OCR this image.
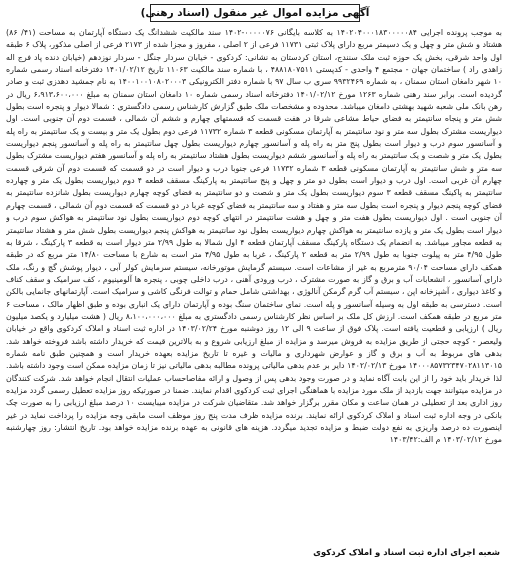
آگهی مزایده اموال غیر منقول (اسناد رهنی)
به موجب پرونده اجرایی ۱۴۰۲۰۴۰۰۰۱۸۳۰۰۰۰۰۸۴ به کلاسه بایگانی ۰۰۰۰۰۷۶-۱۴۰۲ سند مالکیت ششدانگ یک دستگاه آپارتمان به مساحت (۴۱/ ۸۶) هشتاد و شش متر و چهل و یک دسیمتر مربع دارای پلاک ثبتی ۱۱۷۳۱ فرعی از ۲ اصلی ، مفروز و مجزا شده از ۲۱۷۳ فرعی از اصلی مذکور، پلاک ۶ طبقه اول واحد شرقی، بخش یک حوزه ثبت ملک سنندج، استان کردستان به نشانی: کردکوی - خیابان سردار جنگل - سردار نوزدهم (خیابان دنده پاد فرج اله زاهدی راد ) ساختمان جهان - مجتمع ۴ واحدی - کدپستی ۴۸۸۱۸۰۷۵۱۱ ، با شماره سند مالکیت ۱۱۰۶۳ تاریخ ۱۴۰۱/۰۲/۱۲ دفترخانه اسناد رسمی شماره ۱۰ شهر دامغان استان سمنان ، به شماره ۹۹۳۲۴۶۹ سری ب سال ۹۷ با شماره دفتر الکترونیکی ۱۴۰۰۱۰۰۱۰۸۰۲۰۰۰۳ به نام جمشید دهدزی ثبت و صادر گردیده است. برابر سند رهنی شماره ۱۲۶۳ مورخ ۱۴۰۱/۰۲/۱۲ دفترخانه اسناد رسمی شماره ۱۰ دامغان استان سمنان به مبلغ ۶،۹۱۳،۶۰۰،۰۰۰ ریال در رهن بانک ملی شعبه شهید بهشتی دامغان میباشد. محدوده و مشخصات ملک طبق گزارش کارشناس رسمی دادگستری : شمالا دیوار و پنجره است بطول شش متر و پنجاه سانتیمتر به فضای حیاط مشاعی شرقا در هفت قسمت که قسمتهای چهارم و ششم آن شمالی ، قسمت دوم آن جنوبی است. اول دیواریست مشترک بطول سه متر و نود سانتیمتر به آپارتمان مسکونی قطعه ۳ شماره ۱۱۷۳۲ فرعی دوم بطول یک متر و بیست و یک سانتیمتر به راه پله و آسانسور سوم درب و دیوار است بطول پنج متر به راه پله و آسانسور چهارم دیواریست بطول چهل سانتیمتر به راه پله و آسانسور پنجم دیواریست بطول یک متر و شصت و یک سانتیمتر به راه پله و آسانسور ششم دیواریست بطول هشتاد سانتیمتر به راه پله و آسانسور هفتم دیواریست مشترک بطول سه متر و شش سانتیمتر به آپارتمان مسکونی قطعه ۳ شماره ۱۱۷۳۲ فرعی جنوبا درب و دیوار است در دو قسمت که قسمت دوم آن شرقی قسمت چهارم آن غربی است. اول درب و دیوار است بطول دو متر و چهل و پنج سانتیمتر به پارکینگ مسقف قطعه ۴ دوم دیواریست بطول یک متر و چهارده سانتیمتر به پاکینگ مسقف قطعه ۳ سوم دیواریست بطول یک متر و شصت و دو سانتیمتر به فضای کوچه چهارم دیواریست بطول شانزده سانتیمتر به فضای کوچه پنجم دیوار و پنجره است بطول سه متر و هفتاد و سه سانتیمتر به فضای کوچه غربا در دو قسمت که قسمت دوم آن شمالی ، قسمت چهارم آن جنوبی است . اول دیواریست بطول هفت متر و چهل و هشت سانتیمتر در انتهای کوچه دوم دیواریست بطول نود سانتیمتر به هواکش سوم درب و دیوار است بطول یک متر و یازده سانتیمتر به هواکش چهارم دیواریست بطول نود سانتیمتر به هواکش پنجم دیواریست بطول شش متر و هشتاد سانتیمتر به قطعه مجاور میباشد. به انضمام یک دستگاه پارکینگ مسقف آپارتمان قطعه ۴ اول شمالا به طول ۲/۹۹ متر دیوار است به قطعه ۳ پارکینگ ، شرقا به طول ۴/۹۵ متر به پیلوت جنوبا به طول ۲/۹۹ متر به قطعه ۲ پارکینگ ، غربا به طول ۴/۹۵ متر است به شارع با مساحت ۱۴/۸۰ متر مربع که در طبقه همکف دارای مساحت ۹۰/۰۴ مترمربع به غیر از مشاعات است. سیستم گرمایش موتورخانه، سیستم سرمایش کولر آبی ، دیوار پوشش گچ و رنگ، ملک دارای آسانسور ، انشعابات آب و برق و گاز به صورت مشترک ، درب ورودی آهنی ، درب داخلی چوبی ، پنجره ها آلومینیوم ، کف سرامیک و سقف کناف و کاغذ دیواری ، آشپزخانه اپن ، سیستم آب گرم گرمکن آنالوژی ، بهداشتی شامل حمام و توالت فرنگی کاشی و سرامیک است. آپارتمانهای جانمایی بالکن است. دسترسی به طبقه اول به وسیله آسانسور و پله است. نمای ساختمان سنگ بوده و آپارتمان دارای یک انباری بوده و طبق اظهار مالک ، مساحت ۶ متر مربع در طبقه همکف است. ارزش کل ملک بر اساس نظر کارشناس رسمی دادگستری به مبلغ ۸،۱۰۰،۰۰۰،۰۰۰ ریال ( هشت میلیارد و یکصد میلیون ریال ) ارزیابی و قطعیت یافته است. پلاک فوق از ساعت ۹ الی ۱۲ روز دوشنبه مورخ ۱۴۰۳/۰۲/۲۴ در اداره ثبت اسناد و املاک کردکوی واقع در خیابان ولیعصر - کوچه حجتی از طریق مزایده به فروش میرسد و مزایده از مبلغ ارزیابی شروع و به بالاترین قیمت که خریدار داشته باشد فروخته خواهد شد. بدهی های مربوط به آب و برق و گاز و عوارض شهرداری و مالیات و غیره تا تاریخ مزایده بعهده خریدار است و همچنین طبق نامه شماره ۱۴۰۰۰۸۵۷۳۲۳۴۷۰۲۸۱۱۳۰۱۵ مورخ ۱۴۰۲/۰۲/۱۳ دایر بر عدم بدهی مالیاتی پرونده مطالبه بدهی مالیاتی نیز تا زمان مزایده ممکن است وجود داشته باشد. لذا خریدار باید خود را از این بابت آگاه نماید و در صورت وجود بدهی پس از وصول و ارائه مفاصاحساب عملیات انتقال انجام خواهد شد. شرکت کنندگان در مزایده میتوانند جهت بازدید از ملک مورد مزایده با هماهنگی اجرای ثبت کردکوی اقدام نمایند. ضمنا در صورتیکه روز مزایده تعطیل رسمی گردد مزایده روز اداری بعد از تعطیلی در همان ساعت و مکان مقرر برگزار خواهد شد. متقاضیان شرکت در مزایده میبایست ۱۰ درصد مبلغ ارزیابی را به صورت چک بانکی در وجه اداره ثبت اسناد و املاک کردکوی ارائه نمایند. برنده مزایده ظرف مدت پنج روز موظف است مابقی وجه مزایده را پرداخت نماید در غیر اینصورت ده درصد واریزی به نفع دولت ضبط و مزایده تجدید میگردد. هزینه های قانونی به عهده برنده مزایده خواهد بود. تاریخ انتشار: روز چهارشنبه مورخ ۱۴۰۳/۰۲/۱۲ م الف:۱۴۰۳/۴۲
شعبه اجرای اداره ثبت اسناد و املاک کردکوی
